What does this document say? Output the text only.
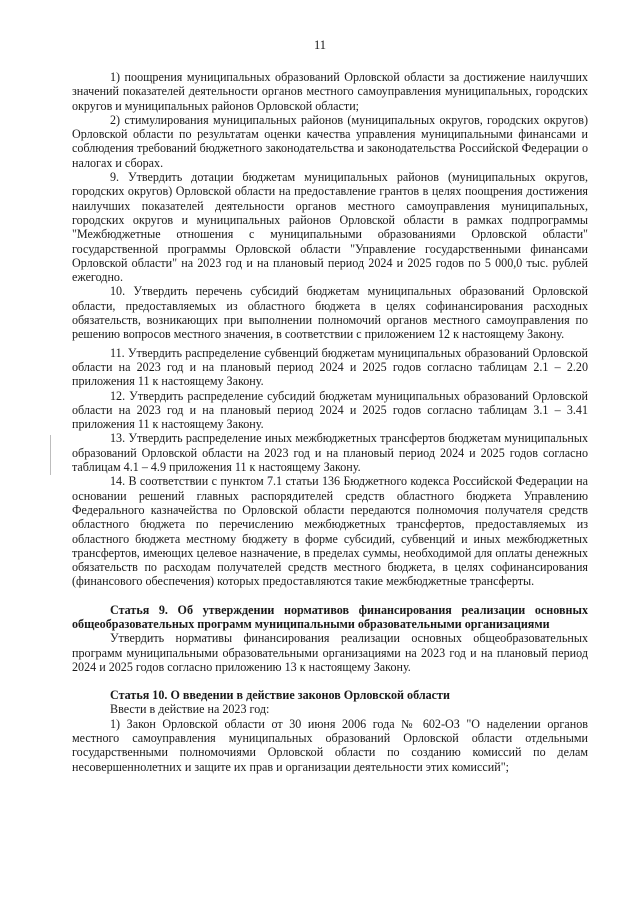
11

1) поощрения муниципальных образований Орловской области за достижение наилучших значений показателей деятельности органов местного самоуправления муниципальных, городских округов и муниципальных районов Орловской области;

2) стимулирования муниципальных районов (муниципальных округов, городских округов) Орловской области по результатам оценки качества управления муниципальными финансами и соблюдения требований бюджетного законодательства и законодательства Российской Федерации о налогах и сборах.

9. Утвердить дотации бюджетам муниципальных районов (муниципальных округов, городских округов) Орловской области на предоставление грантов в целях поощрения достижения наилучших показателей деятельности органов местного самоуправления муниципальных, городских округов и муниципальных районов Орловской области в рамках подпрограммы "Межбюджетные отношения с муниципальными образованиями Орловской области" государственной программы Орловской области "Управление государственными финансами Орловской области" на 2023 год и на плановый период 2024 и 2025 годов по 5 000,0 тыс. рублей ежегодно.

10. Утвердить перечень субсидий бюджетам муниципальных образований Орловской области, предоставляемых из областного бюджета в целях софинансирования расходных обязательств, возникающих при выполнении полномочий органов местного самоуправления по решению вопросов местного значения, в соответствии с приложением 12 к настоящему Закону.

11. Утвердить распределение субвенций бюджетам муниципальных образований Орловской области на 2023 год и на плановый период 2024 и 2025 годов согласно таблицам 2.1 – 2.20 приложения 11 к настоящему Закону.

12. Утвердить распределение субсидий бюджетам муниципальных образований Орловской области на 2023 год и на плановый период 2024 и 2025 годов согласно таблицам 3.1 – 3.41 приложения 11 к настоящему Закону.

13. Утвердить распределение иных межбюджетных трансфертов бюджетам муниципальных образований Орловской области на 2023 год и на плановый период 2024 и 2025 годов согласно таблицам 4.1 – 4.9 приложения 11 к настоящему Закону.

14. В соответствии с пунктом 7.1 статьи 136 Бюджетного кодекса Российской Федерации на основании решений главных распорядителей средств областного бюджета Управлению Федерального казначейства по Орловской области передаются полномочия получателя средств областного бюджета по перечислению межбюджетных трансфертов, предоставляемых из областного бюджета местному бюджету в форме субсидий, субвенций и иных межбюджетных трансфертов, имеющих целевое назначение, в пределах суммы, необходимой для оплаты денежных обязательств по расходам получателей средств местного бюджета, в целях софинансирования (финансового обеспечения) которых предоставляются такие межбюджетные трансферты.

Статья 9. Об утверждении нормативов финансирования реализации основных общеобразовательных программ муниципальными образовательными организациями

Утвердить нормативы финансирования реализации основных общеобразовательных программ муниципальными образовательными организациями на 2023 год и на плановый период 2024 и 2025 годов согласно приложению 13 к настоящему Закону.

Статья 10. О введении в действие законов Орловской области

Ввести в действие на 2023 год:

1) Закон Орловской области от 30 июня 2006 года № 602-ОЗ "О наделении органов местного самоуправления муниципальных образований Орловской области отдельными государственными полномочиями Орловской области по созданию комиссий по делам несовершеннолетних и защите их прав и организации деятельности этих комиссий";
